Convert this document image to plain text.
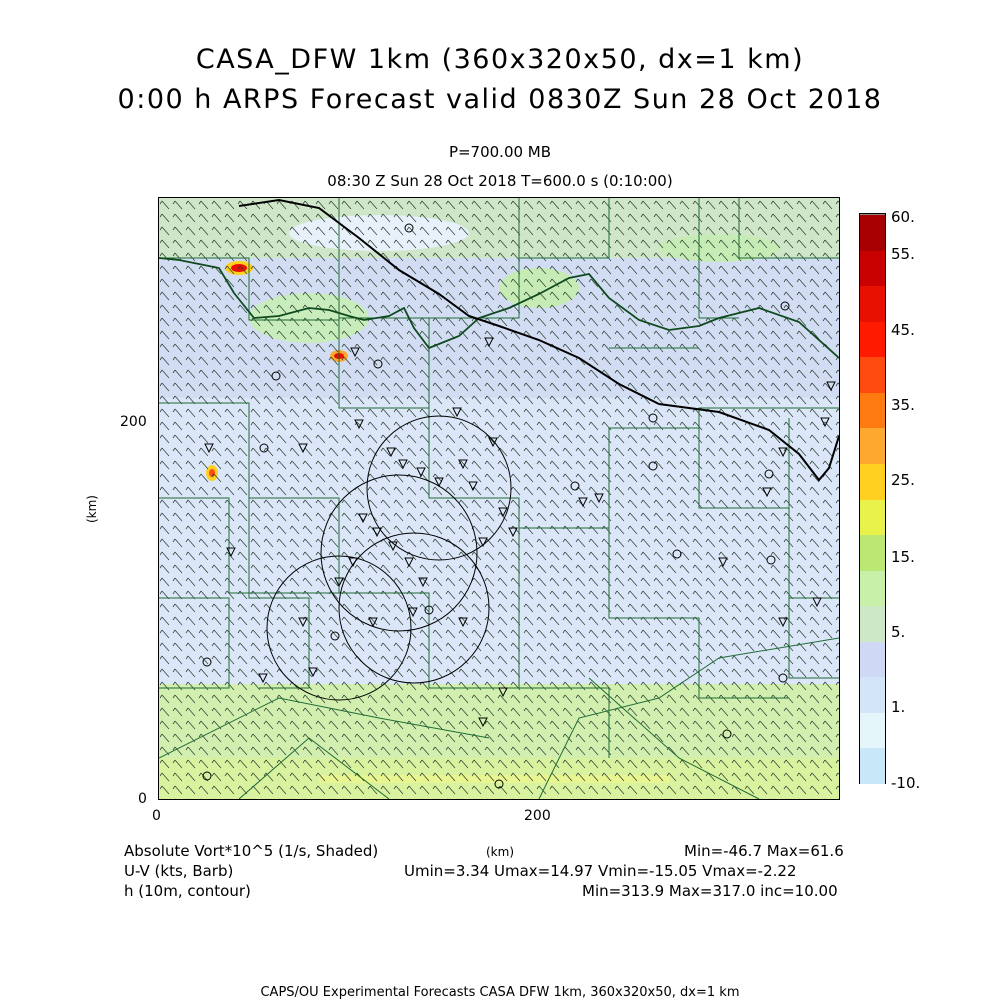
CASA_DFW 1km (360x320x50, dx=1 km)
0:00 h ARPS Forecast valid 0830Z Sun 28 Oct 2018
P=700.00 MB
08:30 Z Sun 28 Oct 2018 T=600.0 s (0:10:00)
200
0
0	200
(km)
60.
55.
45.
35.
25.
15.
5.
1.
-10.
Absolute Vort*10^5 (1/s, Shaded)	(km)	Min=-46.7 Max=61.6
U-V (kts, Barb)	Umin=3.34 Umax=14.97 Vmin=-15.05 Vmax=-2.22
h (10m, contour)	Min=313.9 Max=317.0 inc=10.00
CAPS/OU Experimental Forecasts CASA DFW 1km, 360x320x50, dx=1 km
